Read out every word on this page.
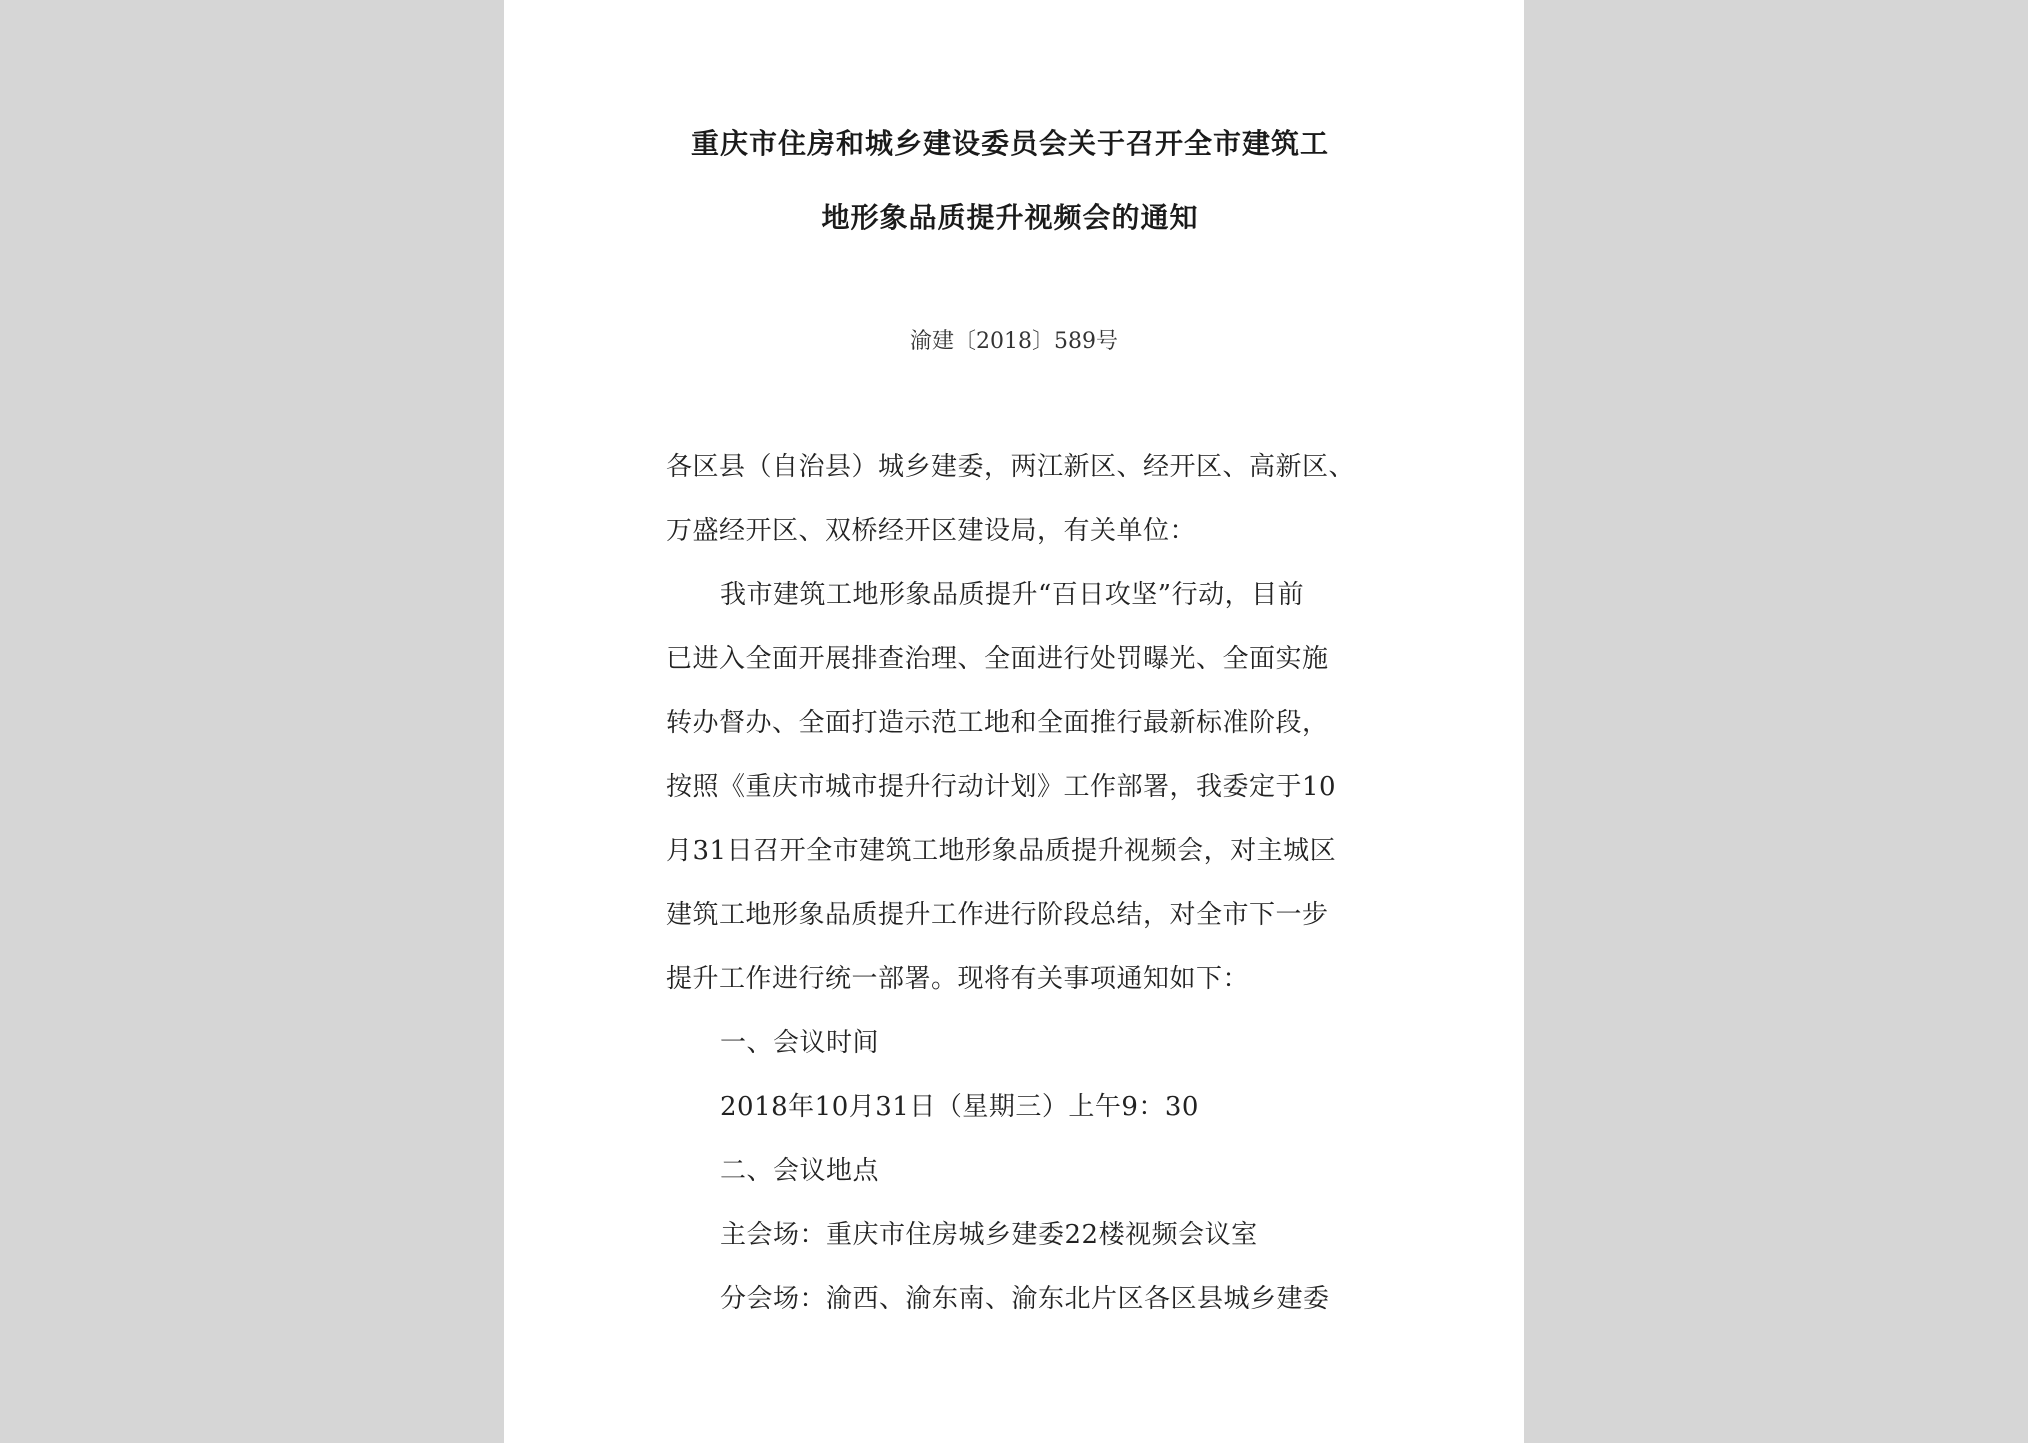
重庆市住房和城乡建设委员会关于召开全市建筑工
地形象品质提升视频会的通知
渝建〔2018〕589号
各区县（自治县）城乡建委，两江新区、经开区、高新区、
万盛经开区、双桥经开区建设局，有关单位：
我市建筑工地形象品质提升“百日攻坚”行动，目前
已进入全面开展排查治理、全面进行处罚曝光、全面实施
转办督办、全面打造示范工地和全面推行最新标准阶段，
按照《重庆市城市提升行动计划》工作部署，我委定于10
月31日召开全市建筑工地形象品质提升视频会，对主城区
建筑工地形象品质提升工作进行阶段总结，对全市下一步
提升工作进行统一部署。现将有关事项通知如下：
一、会议时间
2018年10月31日（星期三）上午9：30
二、会议地点
主会场：重庆市住房城乡建委22楼视频会议室
分会场：渝西、渝东南、渝东北片区各区县城乡建委
